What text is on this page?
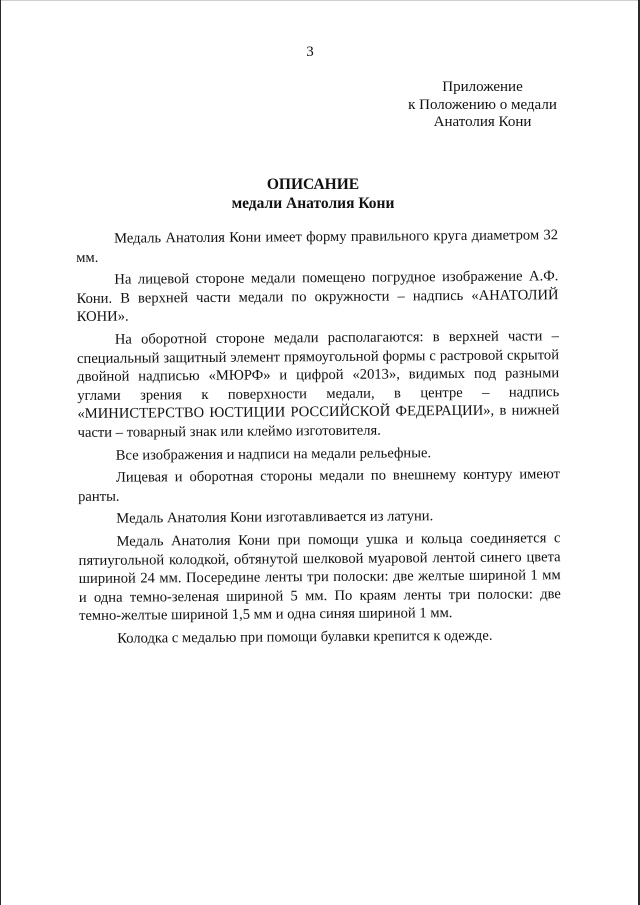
3
Приложение
к Положению о медали
Анатолия Кони
ОПИСАНИЕ
медали Анатолия Кони

Медаль Анатолия Кони имеет форму правильного круга диаметром 32 мм.

На лицевой стороне медали помещено погрудное изображение А.Ф. Кони. В верхней части медали по окружности – надпись «АНАТОЛИЙ КОНИ».

На оборотной стороне медали располагаются: в верхней части – специальный защитный элемент прямоугольной формы с растровой скрытой двойной надписью «МЮРФ» и цифрой «2013», видимых под разными углами зрения к поверхности медали, в центре – надпись «МИНИСТЕРСТВО ЮСТИЦИИ РОССИЙСКОЙ ФЕДЕРАЦИИ», в нижней части – товарный знак или клеймо изготовителя.

Все изображения и надписи на медали рельефные.

Лицевая и оборотная стороны медали по внешнему контуру имеют ранты.

Медаль Анатолия Кони изготавливается из латуни.

Медаль Анатолия Кони при помощи ушка и кольца соединяется с пятиугольной колодкой, обтянутой шелковой муаровой лентой синего цвета шириной 24 мм. Посередине ленты три полоски: две желтые шириной 1 мм и одна темно-зеленая шириной 5 мм. По краям ленты три полоски: две темно-желтые шириной 1,5 мм и одна синяя шириной 1 мм.

Колодка с медалью при помощи булавки крепится к одежде.
